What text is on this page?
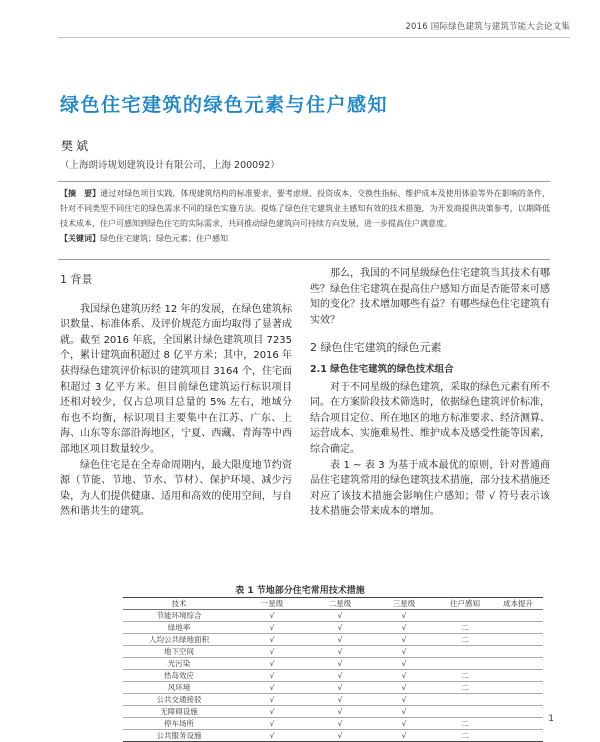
2016 国际绿色建筑与建筑节能大会论文集
绿色住宅建筑的绿色元素与住户感知
樊斌
（上海朗诗规划建筑设计有限公司，上海 200092）

【摘　要】通过对绿色项目实践，体现建筑结构的标准要求，要考虑规、投资成本、交换性指标、维护成本及使用体验等外在影响的条件，针对不同类型不同住宅的绿色需求不同的绿色实施方法。提炼了绿色住宅建筑业主感知有效的技术措施，为开发商提供决策参考，以期降低技术成本，住户可感知到绿色住宅的实际需求，共同推动绿色建筑向可持续方向发展，进一步提高住户满意度。

【关键词】绿色住宅建筑；绿色元素；住户感知

1 背景

我国绿色建筑历经 12 年的发展，在绿色建筑标识数量、标准体系、及评价规范方面均取得了显著成就。截至 2016 年底，全国累计绿色建筑项目 7235 个，累计建筑面积超过 8 亿平方米；其中，2016 年获得绿色建筑评价标识的建筑项目 3164 个，住宅面积超过 3 亿平方米。但目前绿色建筑运行标识项目还相对较少，仅占总项目总量的 5% 左右，地域分布也不均衡，标识项目主要集中在江苏、广东、上海、山东等东部沿海地区，宁夏、西藏、青海等中西部地区项目数量较少。

绿色住宅是在全寿命周期内，最大限度地节约资源（节能、节地、节水、节材）、保护环境、减少污染，为人们提供健康、适用和高效的使用空间，与自然和谐共生的建筑。

那么，我国的不同星级绿色住宅建筑当其技术有哪些？绿色住宅建筑在提高住户感知方面是否能带来可感知的变化？技术增加哪些有益？有哪些绿色住宅建筑有实效？

2 绿色住宅建筑的绿色元素
2.1 绿色住宅建筑的绿色技术组合

对于不同星级的绿色建筑，采取的绿色元素有所不同。在方案阶段技术筛选时，依据绿色建筑评价标准，结合项目定位、所在地区的地方标准要求、经济测算、运营成本、实施难易性、维护成本及感受性能等因素，综合确定。

表 1 ~ 表 3 为基于成本最优的原则，针对普通商品住宅建筑常用的绿色建筑技术措施，部分技术措施还对应了该技术措施会影响住户感知；带 √ 符号表示该技术措施会带来成本的增加。

表 1 节地部分住宅常用技术措施
技术	一星级	二星级	三星级	住户感知	成本提升
节能环境综合	√	√	√		
绿地率	√	√	√	二	
人均公共绿地面积	√	√	√	二	
地下空间	√	√	√		
光污染	√	√	√		
热岛效应	√	√	√	二	
风环境	√	√	√	二	
公共交通接驳	√	√	√		
无障碍设施	√	√	√		
停车场所	√	√	√	二	
公共服务设施	√	√	√	二	
1
